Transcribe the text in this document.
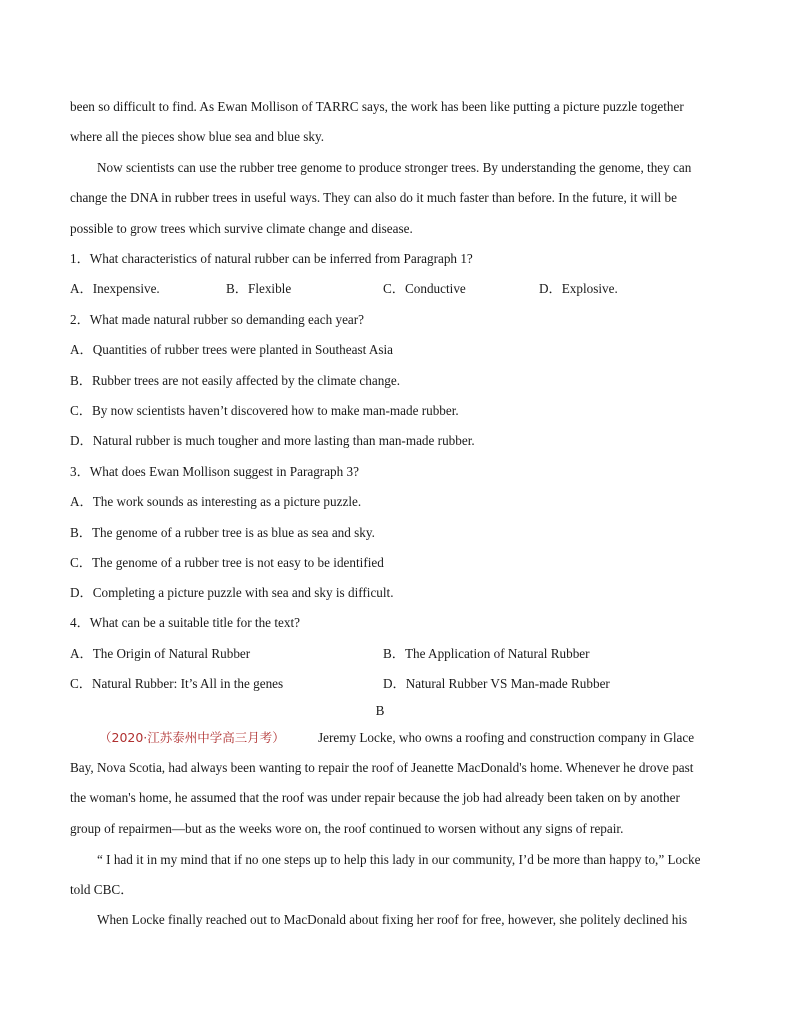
been so difficult to find. As Ewan Mollison of TARRC says, the work has been like putting a picture puzzle together
where all the pieces show blue sea and blue sky.
Now scientists can use the rubber tree genome to produce stronger trees. By understanding the genome, they can
change the DNA in rubber trees in useful ways. They can also do it much faster than before. In the future, it will be
possible to grow trees which survive climate change and disease.
1．What characteristics of natural rubber can be inferred from Paragraph 1?
A．Inexpensive.	B．Flexible	C．Conductive	D．Explosive.
2．What made natural rubber so demanding each year?
A．Quantities of rubber trees were planted in Southeast Asia
B．Rubber trees are not easily affected by the climate change.
C．By now scientists haven’t discovered how to make man-made rubber.
D．Natural rubber is much tougher and more lasting than man-made rubber.
3．What does Ewan Mollison suggest in Paragraph 3?
A．The work sounds as interesting as a picture puzzle.
B．The genome of a rubber tree is as blue as sea and sky.
C．The genome of a rubber tree is not easy to be identified
D．Completing a picture puzzle with sea and sky is difficult.
4．What can be a suitable title for the text?
A．The Origin of Natural Rubber	B．The Application of Natural Rubber
C．Natural Rubber: It’s All in the genes	D．Natural Rubber VS Man-made Rubber
B
（2020·江苏泰州中学高三月考）	Jeremy Locke, who owns a roofing and construction company in Glace
Bay, Nova Scotia, had always been wanting to repair the roof of Jeanette MacDonald's home. Whenever he drove past
the woman's home, he assumed that the roof was under repair because the job had already been taken on by another
group of repairmen—but as the weeks wore on, the roof continued to worsen without any signs of repair.
“ I had it in my mind that if no one steps up to help this lady in our community, I’d be more than happy to,” Locke
told CBC．
When Locke finally reached out to MacDonald about fixing her roof for free, however, she politely declined his
